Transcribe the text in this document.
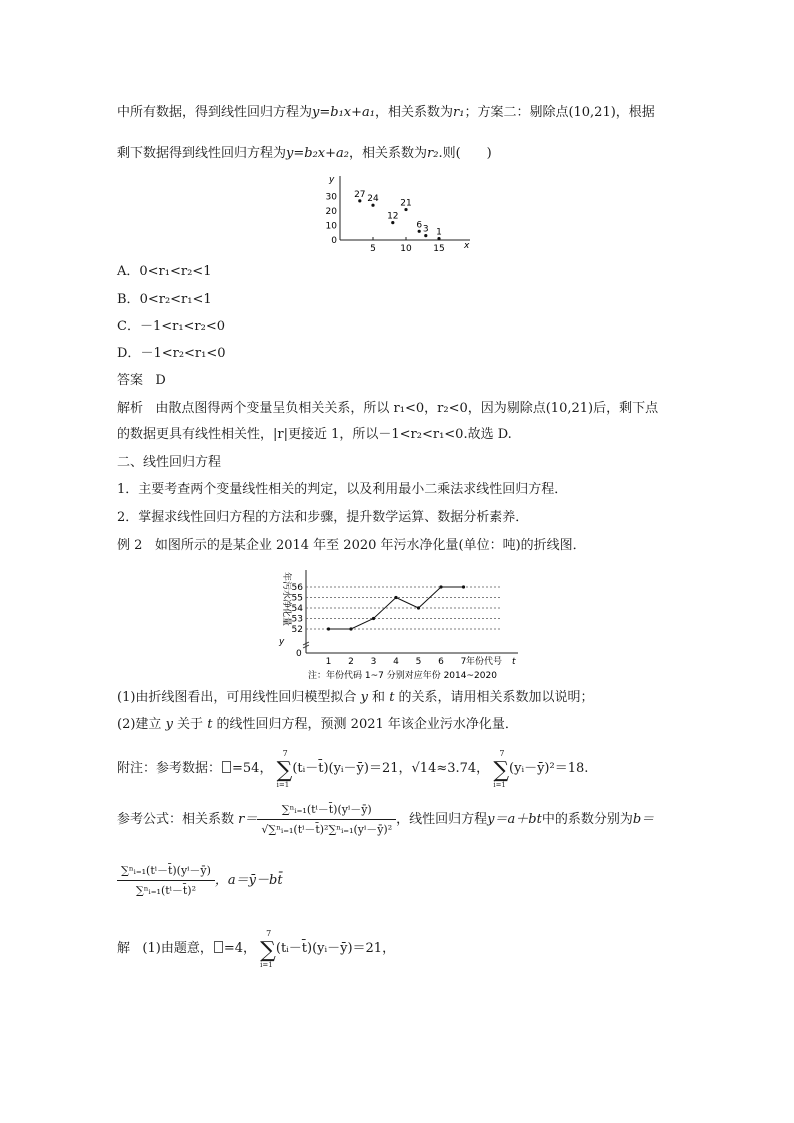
中所有数据，得到线性回归方程为y=b₁x+a₁，相关系数为r₁；方案二：剔除点(10,21)，根据
剩下数据得到线性回归方程为y=b₂x+a₂，相关系数为r₂.则(　　)
x
y
30
20
10
0
5	10 15
27 24
12
21
6 3 1
A．0<r₁<r₂<1
B．0<r₂<r₁<1
C．－1<r₁<r₂<0
D．－1<r₂<r₁<0
答案 D
解析 由散点图得两个变量呈负相关关系，所以 r₁<0，r₂<0，因为剔除点(10,21)后，剩下点
的数据更具有线性相关性，|r|更接近 1，所以－1<r₂<r₁<0.故选 D.
二、线性回归方程
1．主要考查两个变量线性相关的判定，以及利用最小二乘法求线性回归方程．
2．掌握求线性回归方程的方法和步骤，提升数学运算、数据分析素养．
例 2 如图所示的是某企业 2014 年至 2020 年污水净化量(单位：吨)的折线图．
56
55
54
53
52
0
1 2 3 4 5 6 7 年份代号 t
年污水净化量
y
注：年份代码 1~7 分别对应年份 2014~2020
(1)由折线图看出，可用线性回归模型拟合 y 和 t 的关系，请用相关系数加以说明；
(2)建立 y 关于 t 的线性回归方程，预测 2021 年该企业污水净化量．
附注：参考数据： =54， ∑
7
i=1
(tᵢ－t̄)(yᵢ－ȳ)＝21，√14≈3.74， ∑
7
i=1
(yᵢ－ȳ)²＝18.
参考公式：相关系数 $r= \frac{\text{∑ⁿᵢ₌₁(tⁱ－t̄)(yⁱ－ȳ)}}{\text{√∑ⁿᵢ₌₁(tⁱ－t̄)²∑ⁿᵢ₌₁(yⁱ－ȳ)²}}$ ，线性回归方程y＝a＋bt中的系数分别为b＝
$\frac{\text{∑ⁿᵢ₌₁(tⁱ－t̄)(yⁱ－ȳ)}}{\text{∑ⁿᵢ₌₁(tⁱ－t̄)²}}$ ，a＝ȳ－bt̄
解 (1)由题意， =4， ∑
7
i=1
(tᵢ－t̄)(yᵢ－ȳ)＝21，
